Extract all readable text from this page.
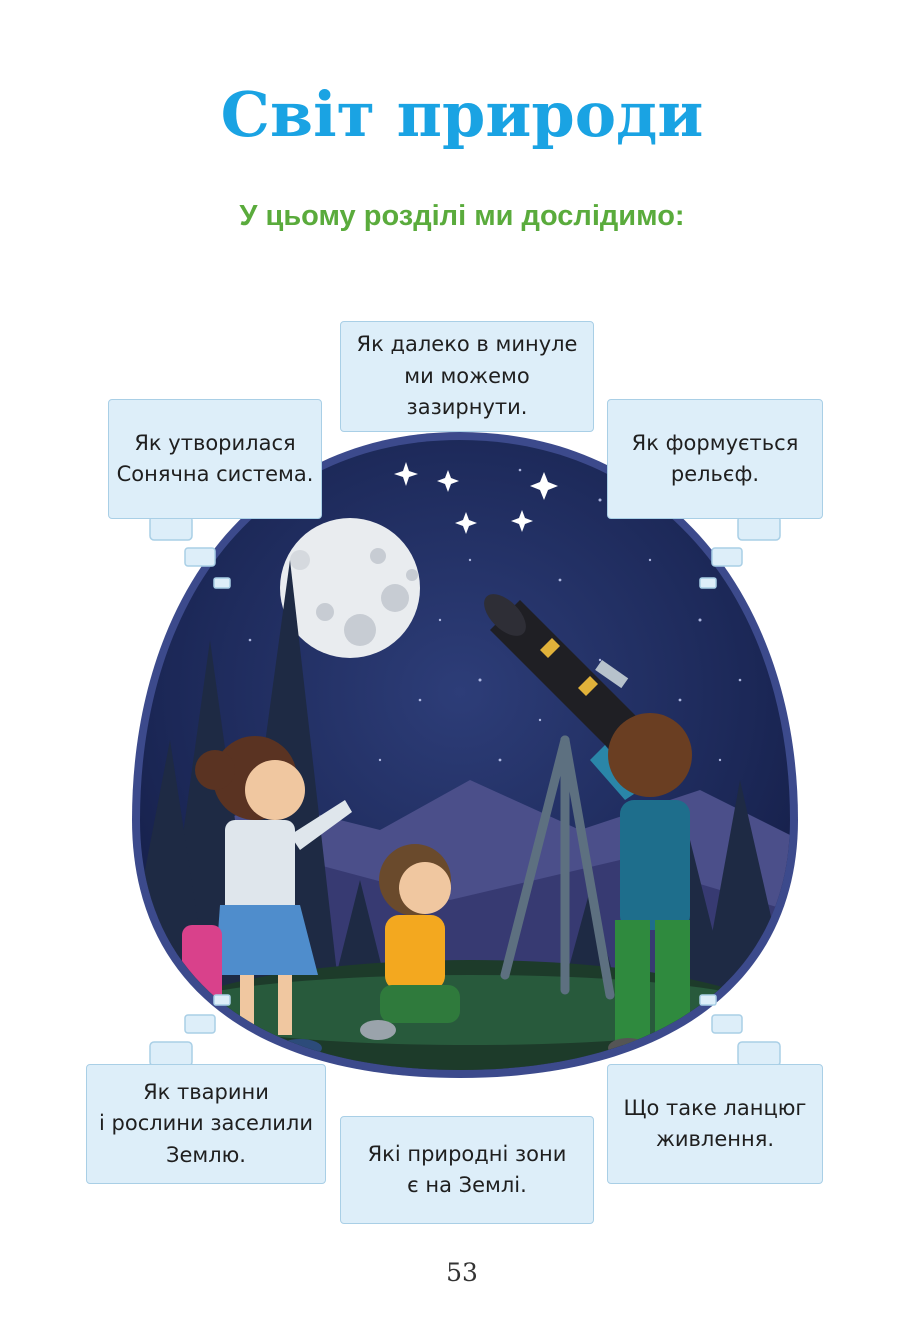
Світ природи
У цьому розділі ми дослідимо:
Як утворилася
Сонячна система.
Як далеко в минуле
ми можемо
зазирнути.
Як формується
рельєф.
Як тварини
і рослини заселили
Землю.	Які природні зони
є на Землі.
Що таке ланцюг
живлення.
53
